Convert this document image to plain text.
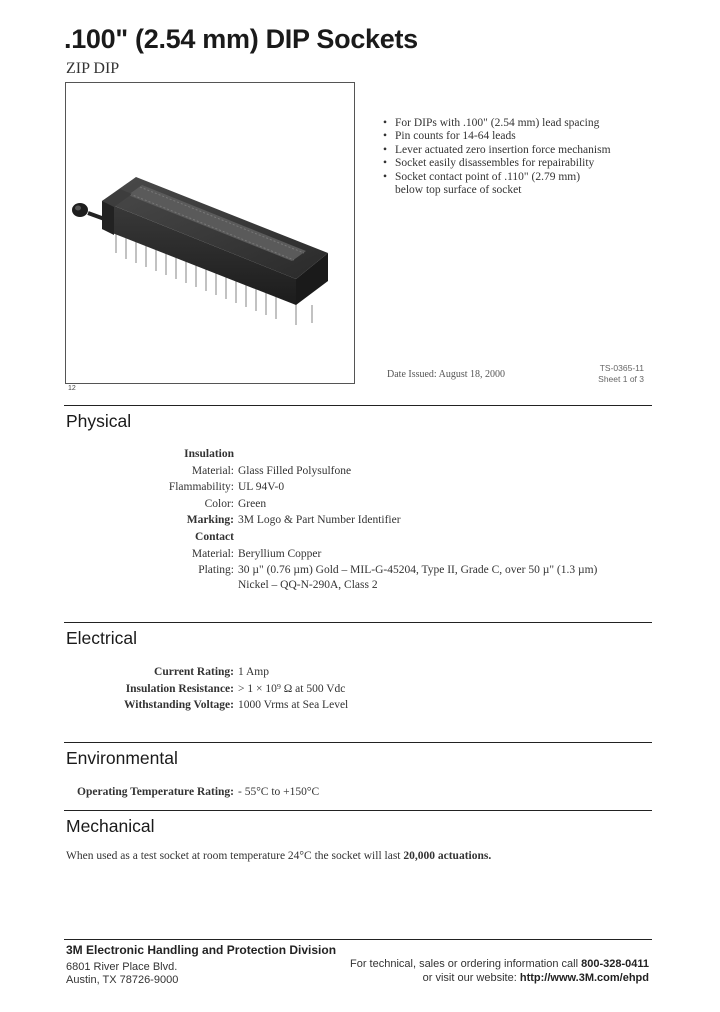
.100" (2.54 mm) DIP Sockets
ZIP DIP
12
• For DIPs with .100" (2.54 mm) lead spacing
• Pin counts for 14-64 leads
• Lever actuated zero insertion force mechanism
• Socket easily disassembles for repairability
• Socket contact point of .110" (2.79 mm)
below top surface of socket
Date Issued: August 18, 2000
TS-0365-11
Sheet 1 of 3
Physical
Insulation
Material: Glass Filled Polysulfone
Flammability: UL 94V-0
Color: Green
Marking: 3M Logo & Part Number Identifier
Contact
Material: Beryllium Copper
Plating: 30 µ" (0.76 µm) Gold – MIL-G-45204, Type II, Grade C, over 50 µ" (1.3 µm)
Nickel – QQ-N-290A, Class 2
Electrical
Current Rating: 1 Amp
Insulation Resistance: > 1 × 10⁹ Ω at 500 Vdc
Withstanding Voltage: 1000 Vrms at Sea Level
Environmental
Operating Temperature Rating: - 55°C to +150°C
Mechanical
When used as a test socket at room temperature 24°C the socket will last 20,000 actuations.
3M Electronic Handling and Protection Division
6801 River Place Blvd.
Austin, TX 78726-9000
For technical, sales or ordering information call 800-328-0411
or visit our website: http://www.3M.com/ehpd
